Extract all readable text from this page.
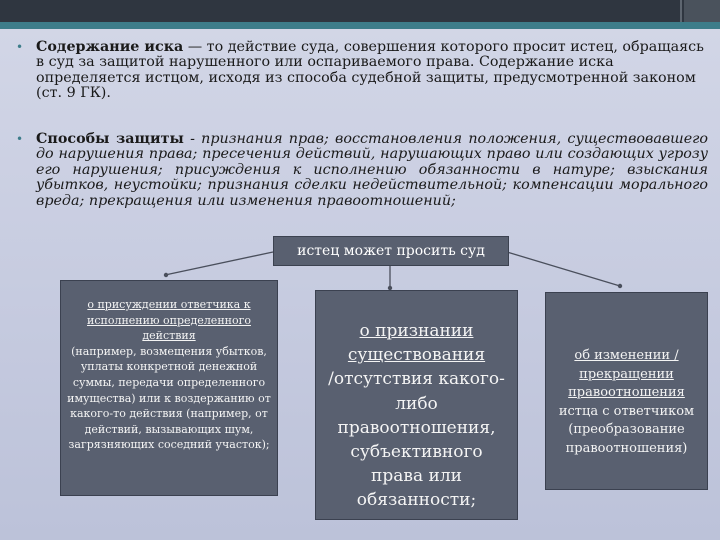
• Содержание иска — то действие суда, совершения которого просит истец, обращаясь в суд за защитой нарушенного или оспариваемого права. Содержание иска определяется истцом, исходя из способа судебной защиты, предусмотренной законом (ст. 9 ГК).
• Способы защиты - признания прав; восстановления положения, существовавшего до нарушения права; пресечения действий, нарушающих право или создающих угрозу его нарушения; присуждения к исполнению обязанности в натуре; взыскания убытков, неустойки; признания сделки недействительной; компенсации морального вреда; прекращения или изменения правоотношений;
истец может просить суд
о присуждении ответчика к исполнению определенного действия
(например, возмещения убытков, уплаты конкретной денежной суммы, передачи определенного имущества) или к воздержанию от какого-то действия (например, от действий, вызывающих шум, загрязняющих соседний участок);
о признании
существования
/отсутствия какого-либо правоотношения, субъективного права или обязанности;
об изменении / прекращении правоотношения
истца с ответчиком (преобразование правоотношения)
